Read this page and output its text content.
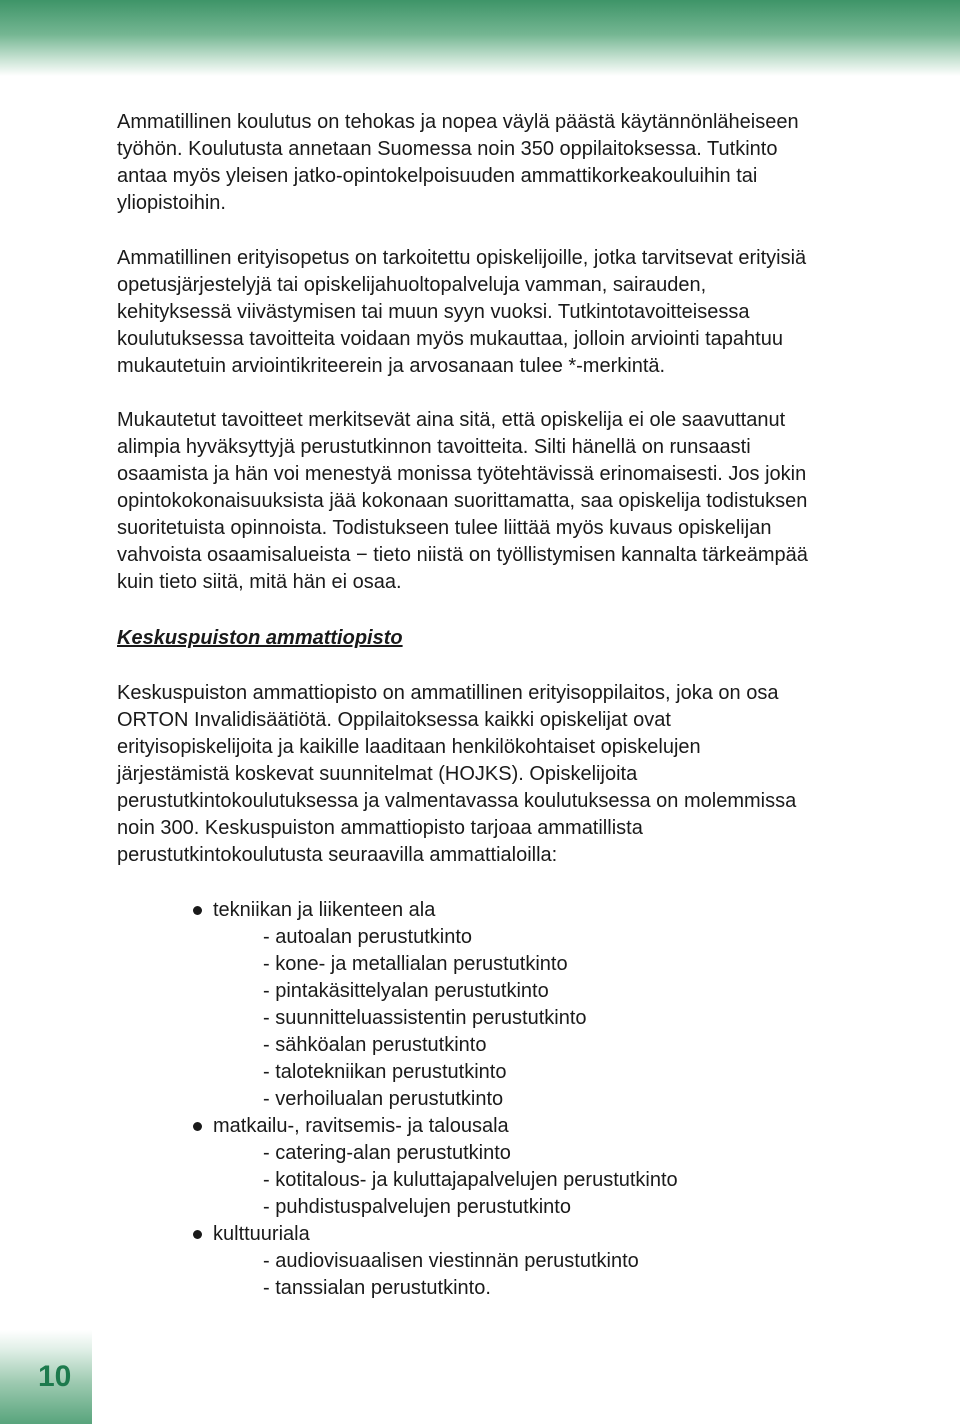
10

Ammatillinen koulutus on tehokas ja nopea väylä päästä käytännönläheiseen työhön. Koulutusta annetaan Suomessa noin 350 oppilaitoksessa. Tutkinto antaa myös yleisen jatko-opintokelpoisuuden ammattikorkeakouluihin tai yliopistoihin.

Ammatillinen erityisopetus on tarkoitettu opiskelijoille, jotka tarvitsevat erityisiä opetusjärjestelyjä tai opiskelijahuoltopalveluja vamman, sairauden, kehityksessä viivästymisen tai muun syyn vuoksi. Tutkintotavoitteisessa koulutuksessa tavoitteita voidaan myös mukauttaa, jolloin arviointi tapahtuu mukautetuin arviointikriteerein ja arvosanaan tulee *-merkintä.

Mukautetut tavoitteet merkitsevät aina sitä, että opiskelija ei ole saavuttanut alimpia hyväksyttyjä perustutkinnon tavoitteita. Silti hänellä on runsaasti osaamista ja hän voi menestyä monissa työtehtävissä erinomaisesti. Jos jokin opintokokonaisuuksista jää kokonaan suorittamatta, saa opiskelija todistuksen suoritetuista opinnoista. Todistukseen tulee liittää myös kuvaus opiskelijan vahvoista osaamisalueista − tieto niistä on työllistymisen kannalta tärkeämpää kuin tieto siitä, mitä hän ei osaa.

Keskuspuiston ammattiopisto

Keskuspuiston ammattiopisto on ammatillinen erityisoppilaitos, joka on osa ORTON Invalidisäätiötä. Oppilaitoksessa kaikki opiskelijat ovat erityisopiskelijoita ja kaikille laaditaan henkilökohtaiset opiskelujen järjestämistä koskevat suunnitelmat (HOJKS). Opiskelijoita perustutkintokoulutuksessa ja valmentavassa koulutuksessa on molemmissa noin 300. Keskuspuiston ammattiopisto tarjoaa ammatillista perustutkintokoulutusta seuraavilla ammattialoilla:

tekniikan ja liikenteen ala
- autoalan perustutkinto
- kone- ja metallialan perustutkinto
- pintakäsittelyalan perustutkinto
- suunnitteluassistentin perustutkinto
- sähköalan perustutkinto
- talotekniikan perustutkinto
- verhoilualan perustutkinto
matkailu-, ravitsemis- ja talousala
- catering-alan perustutkinto
- kotitalous- ja kuluttajapalvelujen perustutkinto
- puhdistuspalvelujen perustutkinto
kulttuuriala
- audiovisuaalisen viestinnän perustutkinto
- tanssialan perustutkinto.
